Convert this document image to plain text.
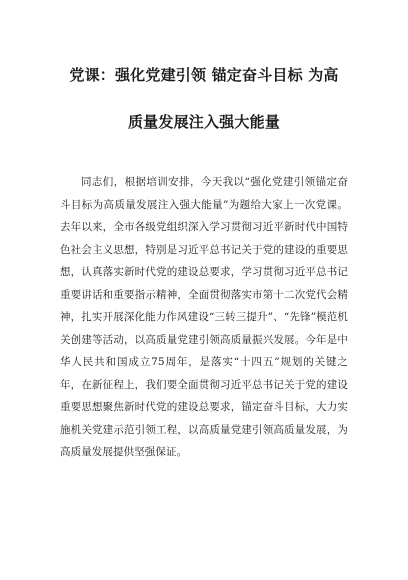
党课：强化党建引领 锚定奋斗目标 为高
质量发展注入强大能量

同志们，根据培训安排，今天我以“强化党建引领锚定奋斗目标为高质量发展注入强大能量”为题给大家上一次党课。去年以来，全市各级党组织深入学习贯彻习近平新时代中国特色社会主义思想，特别是习近平总书记关于党的建设的重要思想，认真落实新时代党的建设总要求，学习贯彻习近平总书记重要讲话和重要指示精神，全面贯彻落实市第十二次党代会精神，扎实开展深化能力作风建设“三转三提升”、“先锋”模范机关创建等活动，以高质量党建引领高质量振兴发展。今年是中华人民共和国成立75周年，是落实“十四五”规划的关键之年，在新征程上，我们要全面贯彻习近平总书记关于党的建设重要思想聚焦新时代党的建设总要求，锚定奋斗目标，大力实施机关党建示范引领工程，以高质量党建引领高质量发展，为高质量发展提供坚强保证。
